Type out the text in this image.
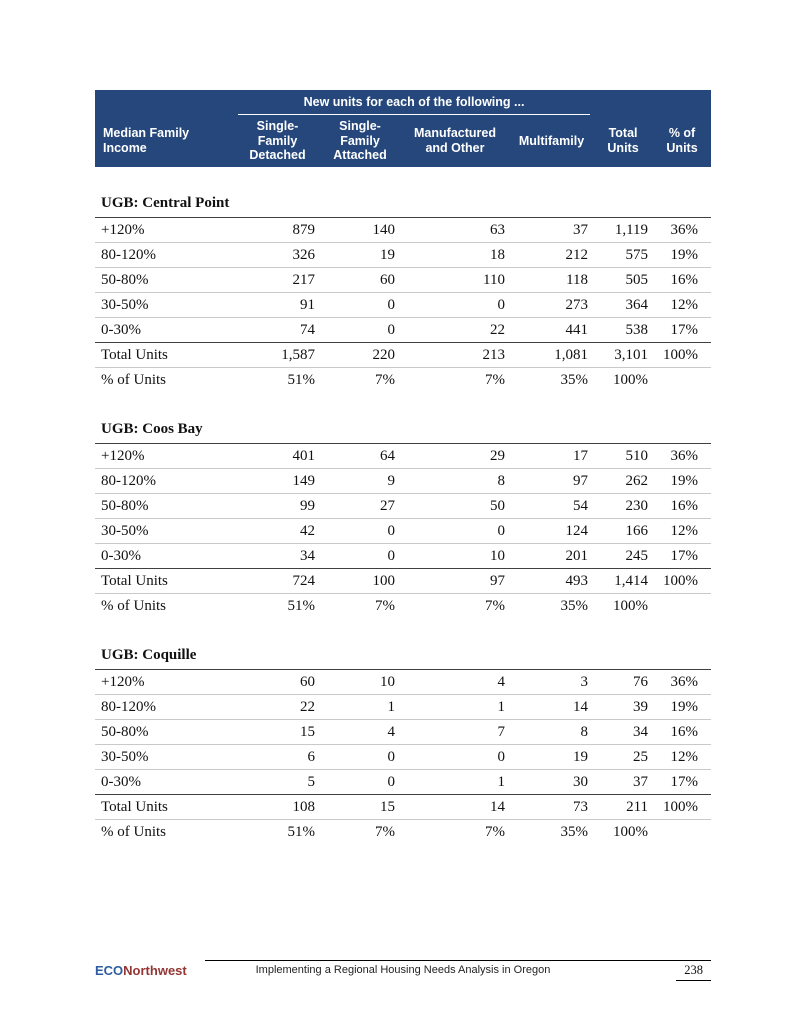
	New units for each of the following ...					

Median Family Income	Single-Family Detached	Single-Family Attached	Manufactured and Other	Multifamily	Total Units	% of Units
UGB: Central Point						
+120%	879	140	63	37	1,119	36%
80-120%	326	19	18	212	575	19%
50-80%	217	60	110	118	505	16%
30-50%	91	0	0	273	364	12%
0-30%	74	0	22	441	538	17%
Total Units	1,587	220	213	1,081	3,101	100%
% of Units	51%	7%	7%	35%	100%	
UGB: Coos Bay						
+120%	401	64	29	17	510	36%
80-120%	149	9	8	97	262	19%
50-80%	99	27	50	54	230	16%
30-50%	42	0	0	124	166	12%
0-30%	34	0	10	201	245	17%
Total Units	724	100	97	493	1,414	100%
% of Units	51%	7%	7%	35%	100%	
UGB: Coquille						
+120%	60	10	4	3	76	36%
80-120%	22	1	1	14	39	19%
50-80%	15	4	7	8	34	16%
30-50%	6	0	0	19	25	12%
0-30%	5	0	1	30	37	17%
Total Units	108	15	14	73	211	100%
% of Units	51%	7%	7%	35%	100%	
ECONorthwest	Implementing a Regional Housing Needs Analysis in Oregon	238
